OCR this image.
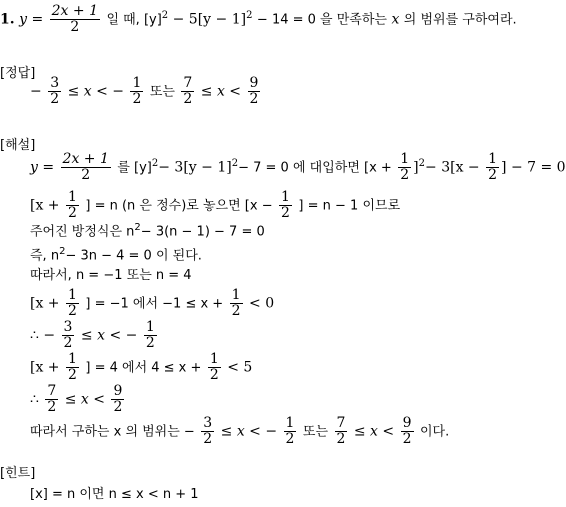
1. $y = \frac{2x + 1}{2}$ 일 때, $[y]^2 - 5[y - 1]^2 - 14 = 0$ 을 만족하는 x 의 범위를 구하여라.
[정답]
− $\frac{3}{2} \le x$ < − $\frac{1}{2}$ 또는 $\frac{7}{2} \le x < \frac{9}{2}$
[해설]
$y = \frac{2x + 1}{2}$ 를 $[y]^2- 3[y - 1]^2- 7 = 0$ 에 대입하면 $[x + \frac{1}{2} ]^2- 3[x - \frac{1}{2}$ ] − 7 = 0
[$x + \frac{1}{2}$ ] = n (n 은 정수)로 놓으면 [$x - \frac{1}{2}$ ] = n − 1 이므로
주어진 방정식은 $n^2- 3(n - 1) - 7 = 0$
즉, $n^2- 3n - 4 = 0$ 이 된다.
따라서, n = −1 또는 n = 4
[$x + \frac{1}{2}$ ] = −1 에서 $-1 \le x + \frac{1}{2} < 0$
∴ − $\frac{3}{2} \le x$ < − $\frac{1}{2}$
[$x + \frac{1}{2}$ ] = 4 에서 $4 \le x + \frac{1}{2} < 5$
∴ $\frac{7}{2} \le x < \frac{9}{2}$
따라서 구하는 x 의 범위는 − $\frac{3}{2} \le x$ < − $\frac{1}{2}$ 또는 $\frac{7}{2} \le x < \frac{9}{2}$ 이다.
[힌트]
[x] = n 이면 n ≤ x < n + 1
